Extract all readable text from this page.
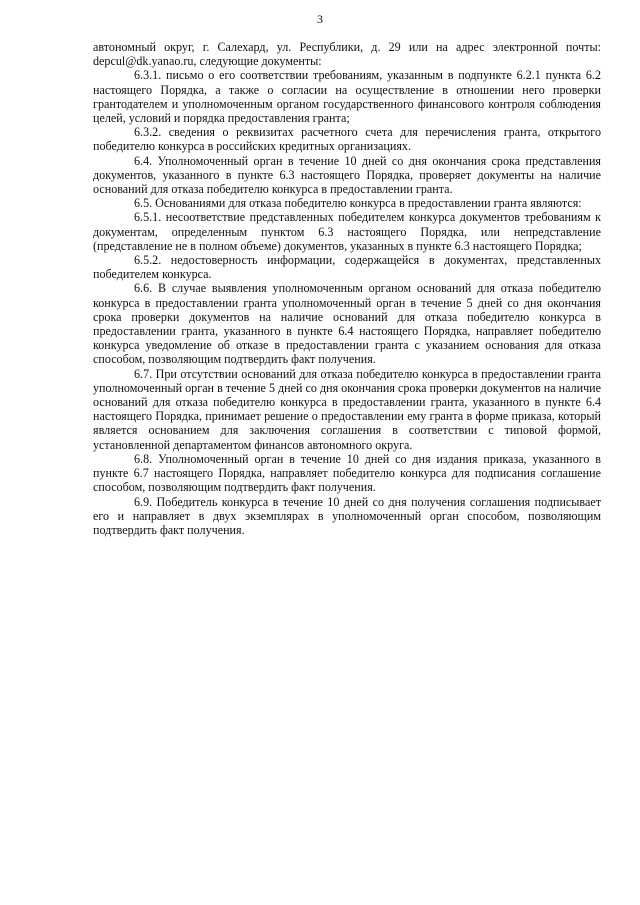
3

автономный округ, г. Салехард, ул. Республики, д. 29 или на адрес электронной почты: depcul@dk.yanao.ru, следующие документы:

6.3.1. письмо о его соответствии требованиям, указанным в подпункте 6.2.1 пункта 6.2 настоящего Порядка, а также о согласии на осуществление в отношении него проверки грантодателем и уполномоченным органом государственного финансового контроля соблюдения целей, условий и порядка предоставления гранта;

6.3.2. сведения о реквизитах расчетного счета для перечисления гранта, открытого победителю конкурса в российских кредитных организациях.

6.4. Уполномоченный орган в течение 10 дней со дня окончания срока представления документов, указанного в пункте 6.3 настоящего Порядка, проверяет документы на наличие оснований для отказа победителю конкурса в предоставлении гранта.

6.5. Основаниями для отказа победителю конкурса в предоставлении гранта являются:

6.5.1. несоответствие представленных победителем конкурса документов требованиям к документам, определенным пунктом 6.3 настоящего Порядка, или непредставление (представление не в полном объеме) документов, указанных в пункте 6.3 настоящего Порядка;

6.5.2. недостоверность информации, содержащейся в документах, представленных победителем конкурса.

6.6. В случае выявления уполномоченным органом оснований для отказа победителю конкурса в предоставлении гранта уполномоченный орган в течение 5 дней со дня окончания срока проверки документов на наличие оснований для отказа победителю конкурса в предоставлении гранта, указанного в пункте 6.4 настоящего Порядка, направляет победителю конкурса уведомление об отказе в предоставлении гранта с указанием основания для отказа способом, позволяющим подтвердить факт получения.

6.7. При отсутствии оснований для отказа победителю конкурса в предоставлении гранта уполномоченный орган в течение 5 дней со дня окончания срока проверки документов на наличие оснований для отказа победителю конкурса в предоставлении гранта, указанного в пункте 6.4 настоящего Порядка, принимает решение о предоставлении ему гранта в форме приказа, который является основанием для заключения соглашения в соответствии с типовой формой, установленной департаментом финансов автономного округа.

6.8. Уполномоченный орган в течение 10 дней со дня издания приказа, указанного в пункте 6.7 настоящего Порядка, направляет победителю конкурса для подписания соглашение способом, позволяющим подтвердить факт получения.

6.9. Победитель конкурса в течение 10 дней со дня получения соглашения подписывает его и направляет в двух экземплярах в уполномоченный орган способом, позволяющим подтвердить факт получения.
